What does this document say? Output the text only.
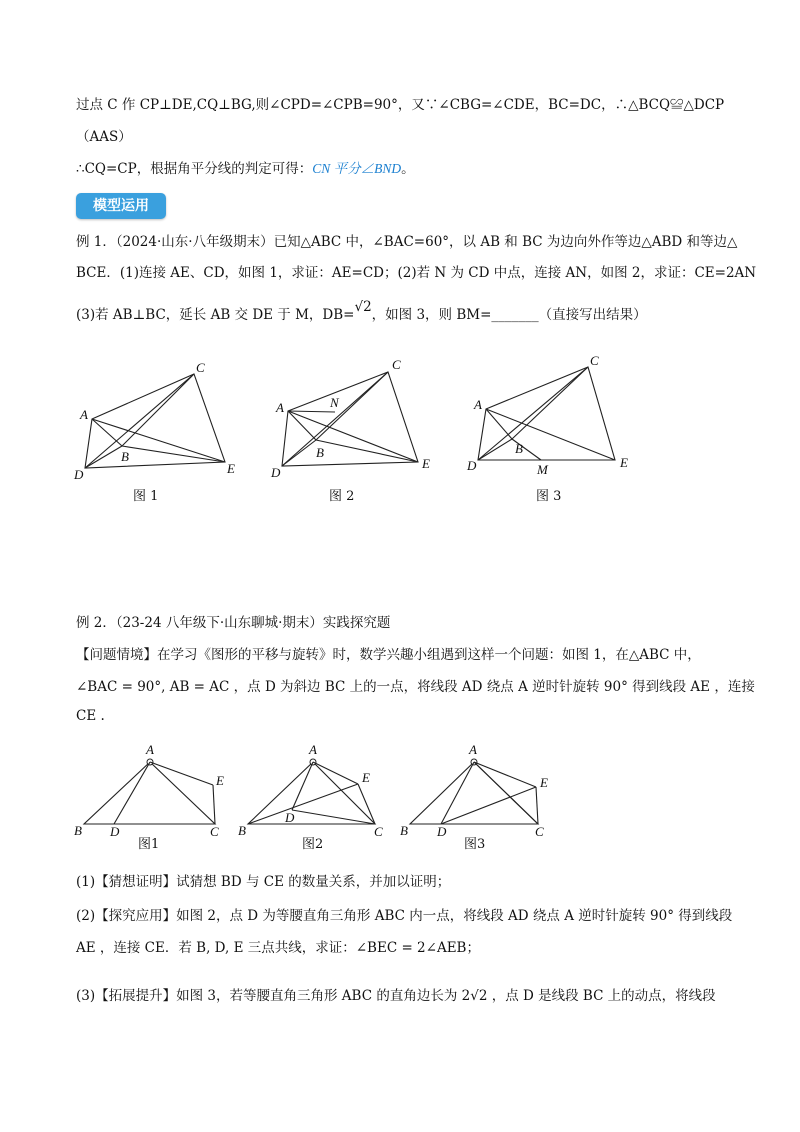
过点 C 作 CP⊥DE,CQ⊥BG,则∠CPD=∠CPB=90°，又∵∠CBG=∠CDE，BC=DC，∴△BCQ≌△DCP
（AAS）
∴CQ=CP，根据角平分线的判定可得：CN 平分∠BND。
模型运用
例 1．（2024·山东·八年级期末）已知△ABC 中，∠BAC=60°，以 AB 和 BC 为边向外作等边△ABD 和等边△
BCE．(1)连接 AE、CD，如图 1，求证：AE=CD；(2)若 N 为 CD 中点，连接 AN，如图 2，求证：CE=2AN
(3)若 AB⊥BC，延长 AB 交 DE 于 M，DB=√2，如图 3，则 BM=_______（直接写出结果）
A
C
B
D	E
图 1
A	N
C
B
D
E
图 2
A
C
B
D	M	E
图 3
例 2．（23-24 八年级下·山东聊城·期末）实践探究题
【问题情境】在学习《图形的平移与旋转》时，数学兴趣小组遇到这样一个问题：如图 1，在△ABC 中，
∠BAC = 90°, AB = AC ，点 D 为斜边 BC 上的一点，将线段 AD 绕点 A 逆时针旋转 90° 得到线段 AE ，连接
CE .
A
E
B D	C
图1
A
E
D
B	C
图2
A
E
B D	C
图3
(1)【猜想证明】试猜想 BD 与 CE 的数量关系，并加以证明；
(2)【探究应用】如图 2，点 D 为等腰直角三角形 ABC 内一点，将线段 AD 绕点 A 逆时针旋转 90° 得到线段
AE ，连接 CE．若 B, D, E 三点共线，求证：∠BEC = 2∠AEB；
(3)【拓展提升】如图 3，若等腰直角三角形 ABC 的直角边长为 2√2 ，点 D 是线段 BC 上的动点，将线段
